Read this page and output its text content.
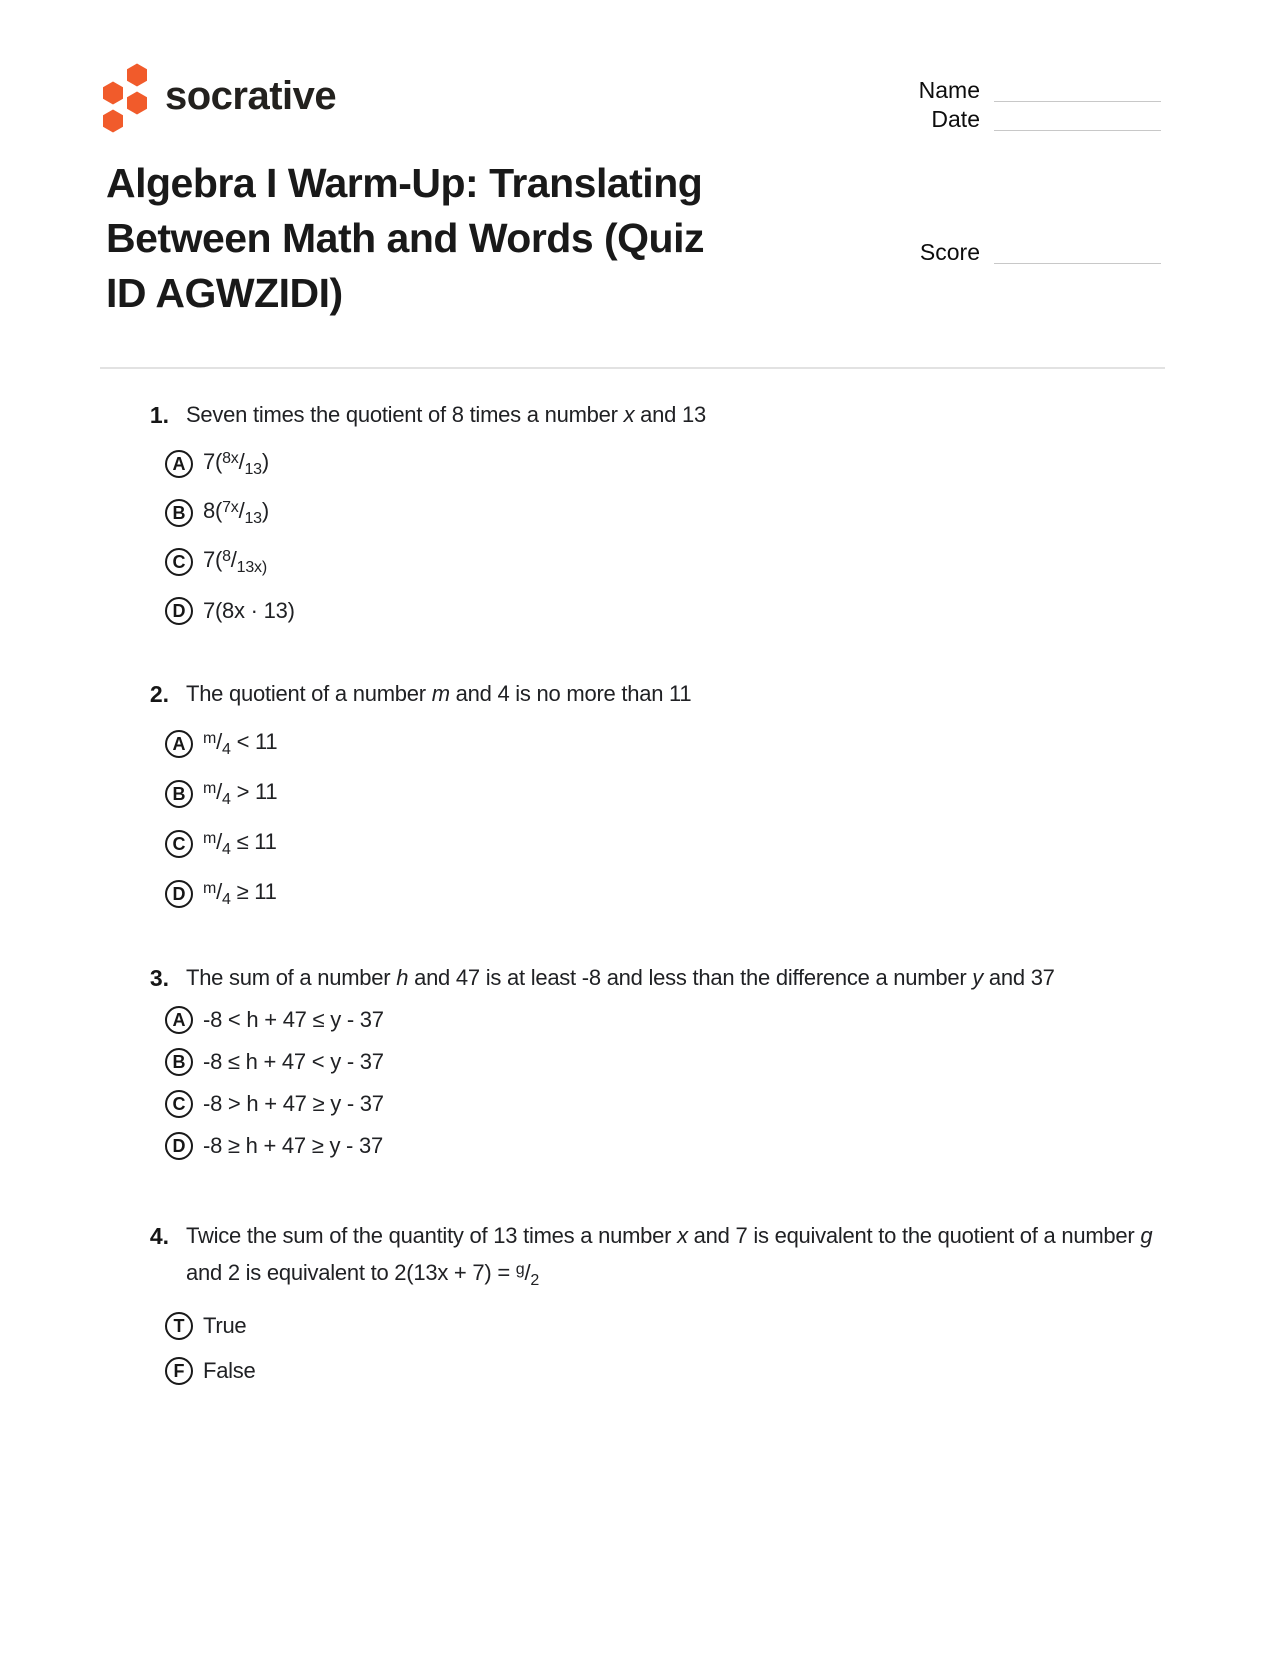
socrative	Name
Date
Score
Algebra I Warm-Up: Translating
Between Math and Words (Quiz
ID AGWZIDI)
1. Seven times the quotient of 8 times a number x and 13
A $7(^{8x}/_{13})$
B $8(^{7x}/_{13})$
C $7(^8/_{13x)}$
D 7(8x · 13)
2. The quotient of a number m and 4 is no more than 11
A	$^m/_4 < 11$
B	$^m/_4 > 11$
C	$^m/_4 \le 11$
D	$^m/_4 \ge 11$
3. The sum of a number h and 47 is at least -8 and less than the difference a number y and 37
A -8 < h + 47 ≤ y - 37
B -8 ≤ h + 47 < y - 37
C -8 > h + 47 ≥ y - 37
D -8 ≥ h + 47 ≥ y - 37
4. Twice the sum of the quantity of 13 times a number x and 7 is equivalent to the quotient of a number g and 2 is equivalent to $2(13x + 7) = ^g/_2$
T True
F False
